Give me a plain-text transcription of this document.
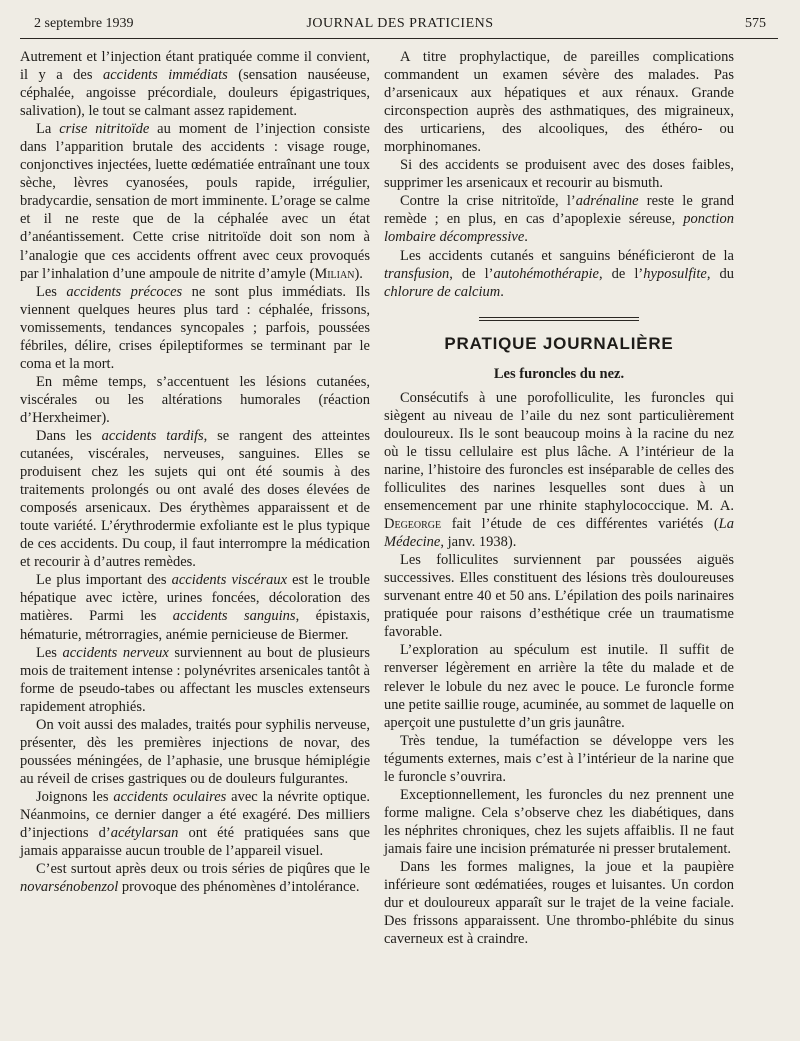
2 septembre 1939	JOURNAL DES PRATICIENS	575

Autrement et l’injection étant pratiquée comme il convient, il y a des accidents immédiats (sensation nauséeuse, céphalée, angoisse précordiale, douleurs épigastriques, salivation), le tout se calmant assez rapidement.

La crise nitritoïde au moment de l’injection consiste dans l’apparition brutale des accidents : visage rouge, conjonctives injectées, luette œdématiée entraînant une toux sèche, lèvres cyanosées, pouls rapide, irrégulier, bradycardie, sensation de mort imminente. L’orage se calme et il ne reste que de la céphalée avec un état d’anéantissement. Cette crise nitritoïde doit son nom à l’analogie que ces accidents offrent avec ceux provoqués par l’inhalation d’une ampoule de nitrite d’amyle (Milian).

Les accidents précoces ne sont plus immédiats. Ils viennent quelques heures plus tard : céphalée, frissons, vomissements, tendances syncopales ; parfois, poussées fébriles, délire, crises épileptiformes se terminant par le coma et la mort.

En même temps, s’accentuent les lésions cutanées, viscérales ou les altérations humorales (réaction d’Herxheimer).

Dans les accidents tardifs, se rangent des atteintes cutanées, viscérales, nerveuses, sanguines. Elles se produisent chez les sujets qui ont été soumis à des traitements prolongés ou ont avalé des doses élevées de composés arsenicaux. Des érythèmes apparaissent et de toute variété. L’érythrodermie exfoliante est le plus typique de ces accidents. Du coup, il faut interrompre la médication et recourir à d’autres remèdes.

Le plus important des accidents viscéraux est le trouble hépatique avec ictère, urines foncées, décoloration des matières. Parmi les accidents sanguins, épistaxis, hématurie, métrorragies, anémie pernicieuse de Biermer.

Les accidents nerveux surviennent au bout de plusieurs mois de traitement intense : polynévrites arsenicales tantôt à forme de pseudo-tabes ou affectant les muscles extenseurs rapidement atrophiés.

On voit aussi des malades, traités pour syphilis nerveuse, présenter, dès les premières injections de novar, des poussées méningées, de l’aphasie, une brusque hémiplégie au réveil de crises gastriques ou de douleurs fulgurantes.

Joignons les accidents oculaires avec la névrite optique. Néanmoins, ce dernier danger a été exagéré. Des milliers d’injections d’acétylarsan ont été pratiquées sans que jamais apparaisse aucun trouble de l’appareil visuel.

C’est surtout après deux ou trois séries de piqûres que le novarsénobenzol provoque des phénomènes d’intolérance.

A titre prophylactique, de pareilles complications commandent un examen sévère des malades. Pas d’arsenicaux aux hépatiques et aux rénaux. Grande circonspection auprès des asthmatiques, des migraineux, des urticariens, des alcooliques, des éthéro- ou morphinomanes.

Si des accidents se produisent avec des doses faibles, supprimer les arsenicaux et recourir au bismuth.

Contre la crise nitritoïde, l’adrénaline reste le grand remède ; en plus, en cas d’apoplexie séreuse, ponction lombaire décompressive.

Les accidents cutanés et sanguins bénéficieront de la transfusion, de l’autohémothérapie, de l’hyposulfite, du chlorure de calcium.

PRATIQUE JOURNALIÈRE
Les furoncles du nez.

Consécutifs à une porofolliculite, les furoncles qui siègent au niveau de l’aile du nez sont particulièrement douloureux. Ils le sont beaucoup moins à la racine du nez où le tissu cellulaire est plus lâche. A l’intérieur de la narine, l’histoire des furoncles est inséparable de celles des folliculites des narines lesquelles sont dues à un ensemencement par une rhinite staphylococcique. M. A. Degeorge fait l’étude de ces différentes variétés (La Médecine, janv. 1938).

Les folliculites surviennent par poussées aiguës successives. Elles constituent des lésions très douloureuses survenant entre 40 et 50 ans. L’épilation des poils narinaires pratiquée pour raisons d’esthétique crée un traumatisme favorable.

L’exploration au spéculum est inutile. Il suffit de renverser légèrement en arrière la tête du malade et de relever le lobule du nez avec le pouce. Le furoncle forme une petite saillie rouge, acuminée, au sommet de laquelle on aperçoit une pustulette d’un gris jaunâtre.

Très tendue, la tuméfaction se développe vers les téguments externes, mais c’est à l’intérieur de la narine que le furoncle s’ouvrira.

Exceptionnellement, les furoncles du nez prennent une forme maligne. Cela s’observe chez les diabétiques, dans les néphrites chroniques, chez les sujets affaiblis. Il ne faut jamais faire une incision prématurée ni presser brutalement.

Dans les formes malignes, la joue et la paupière inférieure sont œdématiées, rouges et luisantes. Un cordon dur et douloureux apparaît sur le trajet de la veine faciale. Des frissons apparaissent. Une thrombo-phlébite du sinus caverneux est à craindre.
